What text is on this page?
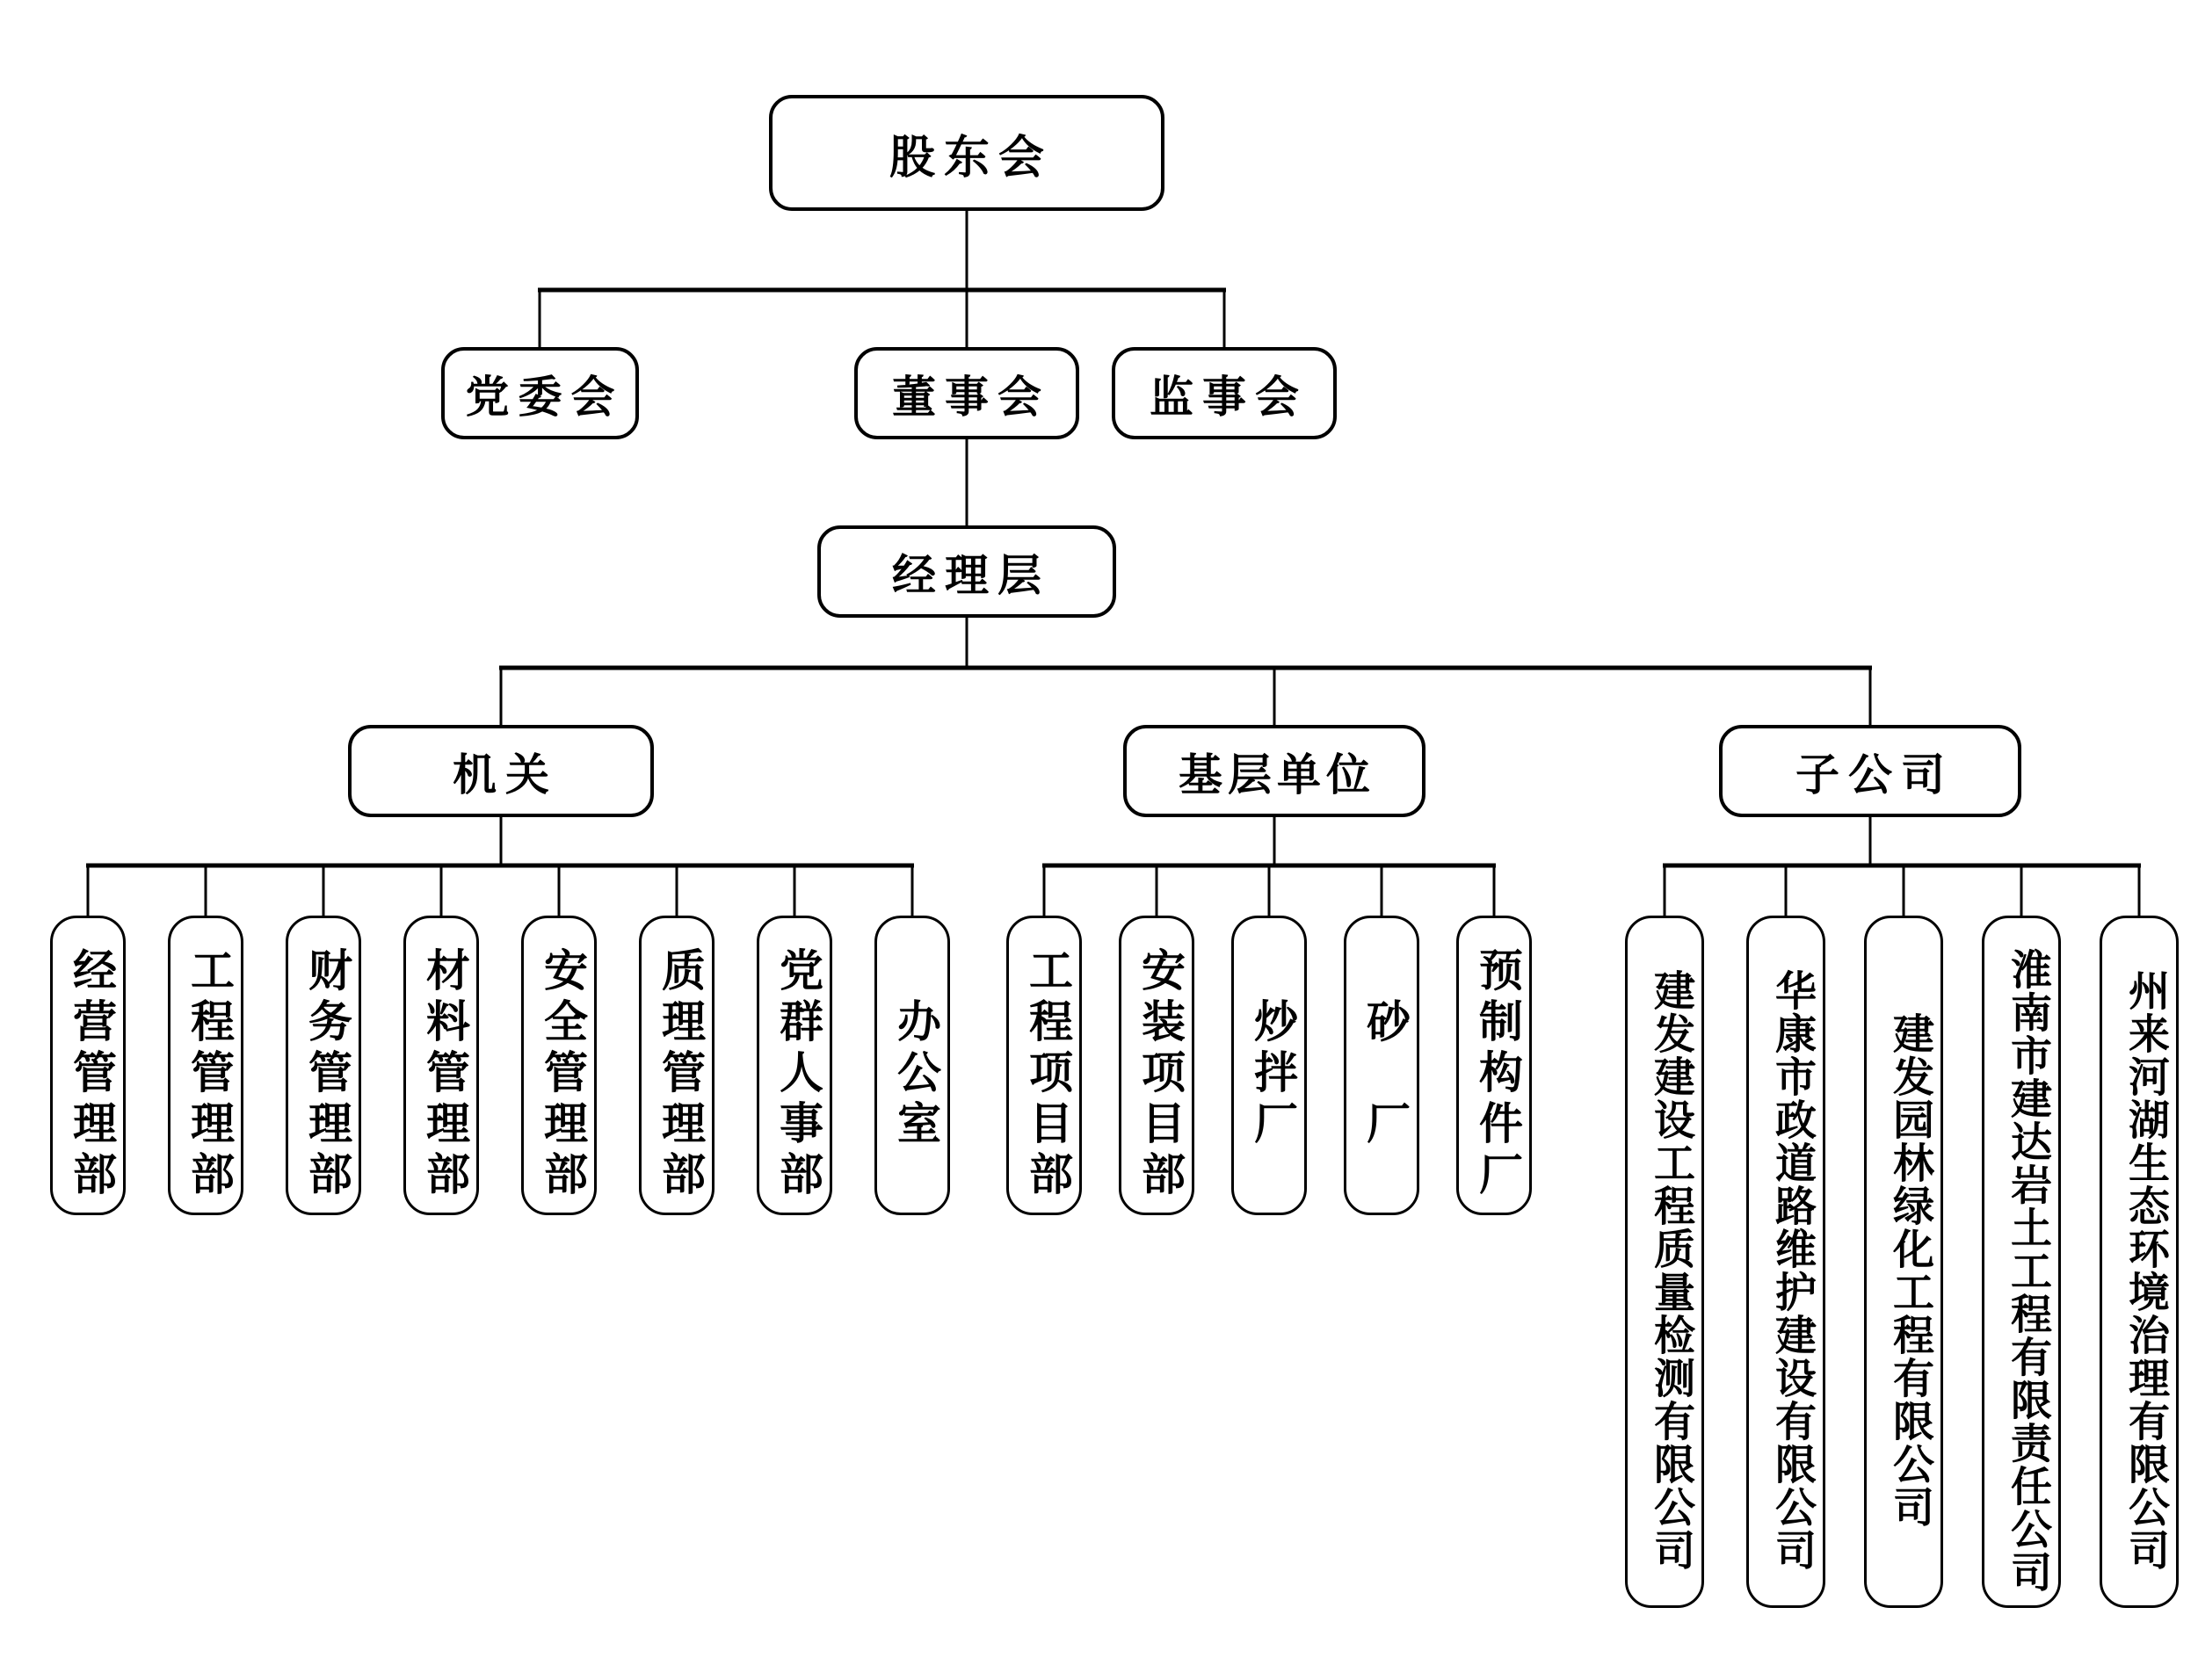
股东会
党委会	董事会	监事会
经理层
机关	基层单位	子公司
经营管理部	工程管理部	财务管理部	材料管理部	安全管理部	质理管理部	党群人事部	办公室	工程项目部	安装项目部	炒拌厂	砂　厂	预制构件厂	建发建设工程质量检测有限公司	华康市政道路维护建设有限公司	建发园林绿化工程有限公司	淮南市建达岩土工程有限责任公司	州来河湖生态环境治理有限公司
